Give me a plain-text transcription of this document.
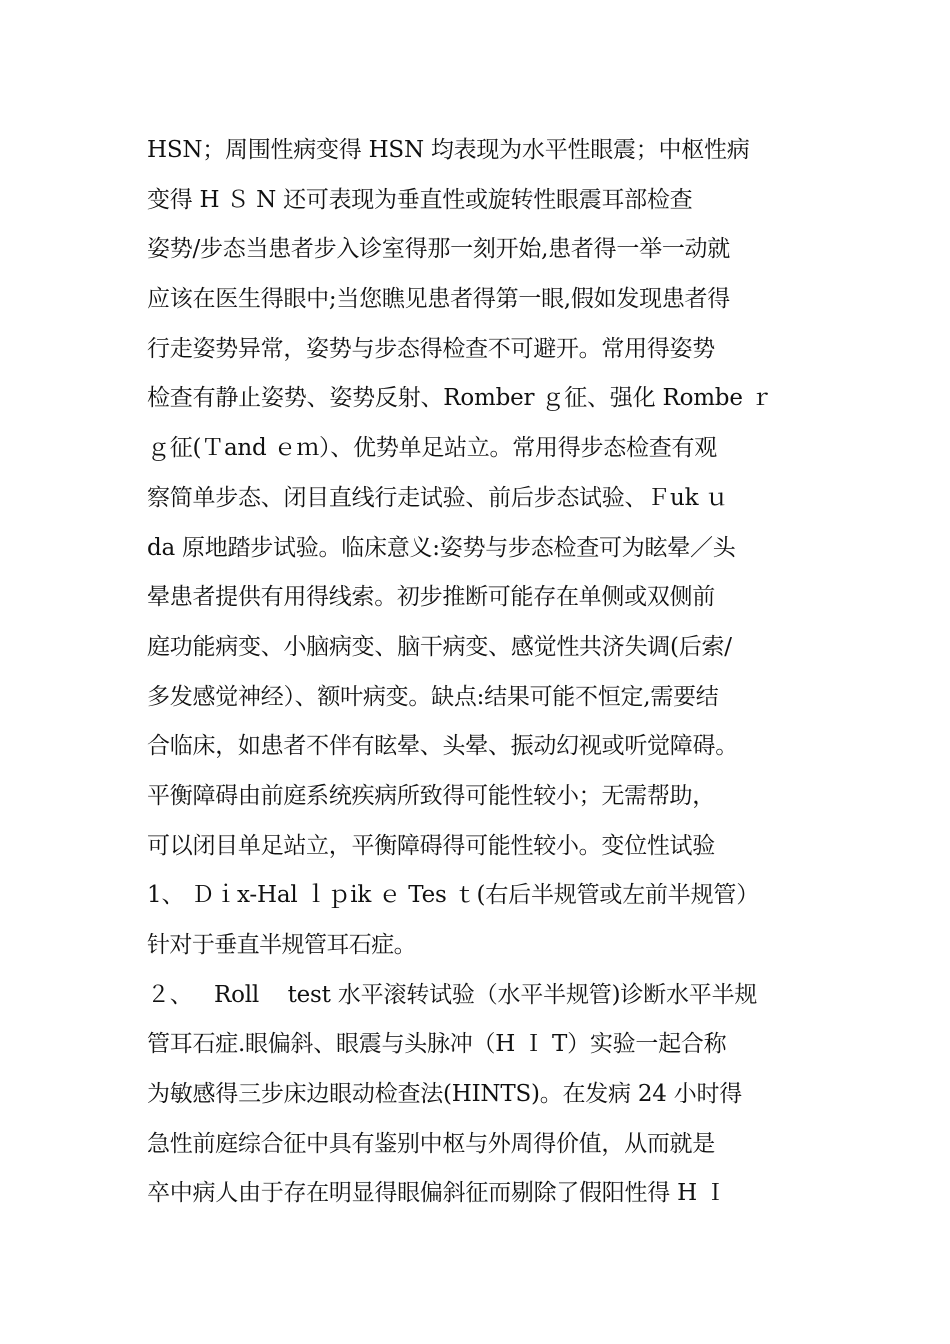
HSN；周围性病变得 HSN 均表现为水平性眼震；中枢性病
变得 H Ｓ N 还可表现为垂直性或旋转性眼震耳部检查
姿势/步态当患者步入诊室得那一刻开始,患者得一举一动就
应该在医生得眼中;当您瞧见患者得第一眼,假如发现患者得
行走姿势异常，姿势与步态得检查不可避开。常用得姿势
检查有静止姿势、姿势反射、Romber ｇ征、强化 Rombe ｒ
ｇ征(Ｔand ｅｍ）、优势单足站立。常用得步态检查有观
察简单步态、闭目直线行走试验、前后步态试验、Ｆuk ｕ
da 原地踏步试验。临床意义:姿势与步态检查可为眩晕／头
晕患者提供有用得线索。初步推断可能存在单侧或双侧前
庭功能病变、小脑病变、脑干病变、感觉性共济失调(后索/
多发感觉神经）、额叶病变。缺点:结果可能不恒定,需要结
合临床，如患者不伴有眩晕、头晕、振动幻视或听觉障碍。
平衡障碍由前庭系统疾病所致得可能性较小；无需帮助，
可以闭目单足站立，平衡障碍得可能性较小。变位性试验
1、 Ｄｉx-Hal ｌｐik ｅ Tes ｔ(右后半规管或左前半规管）
针对于垂直半规管耳石症。
２、   Roll    test 水平滚转试验（水平半规管)诊断水平半规
管耳石症.眼偏斜、眼震与头脉冲（H Ｉ T）实验一起合称
为敏感得三步床边眼动检查法(HINTS)。在发病 24 小时得
急性前庭综合征中具有鉴别中枢与外周得价值，从而就是
卒中病人由于存在明显得眼偏斜征而剔除了假阳性得 H Ｉ
